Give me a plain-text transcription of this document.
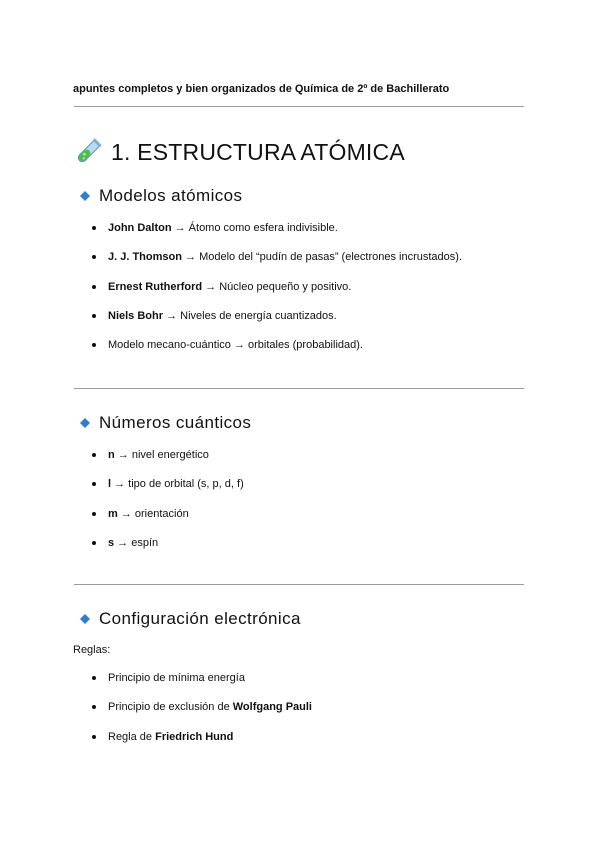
apuntes completos y bien organizados de Química de 2º de Bachillerato
1. ESTRUCTURA ATÓMICA
Modelos atómicos
John Dalton → Átomo como esfera indivisible.
J. J. Thomson → Modelo del “pudín de pasas” (electrones incrustados).
Ernest Rutherford → Núcleo pequeño y positivo.
Niels Bohr → Niveles de energía cuantizados.
Modelo mecano-cuántico → orbitales (probabilidad).
Números cuánticos
n → nivel energético
l → tipo de orbital (s, p, d, f)
m → orientación
s → espín
Configuración electrónica
Reglas:
Principio de mínima energía
Principio de exclusión de Wolfgang Pauli
Regla de Friedrich Hund
